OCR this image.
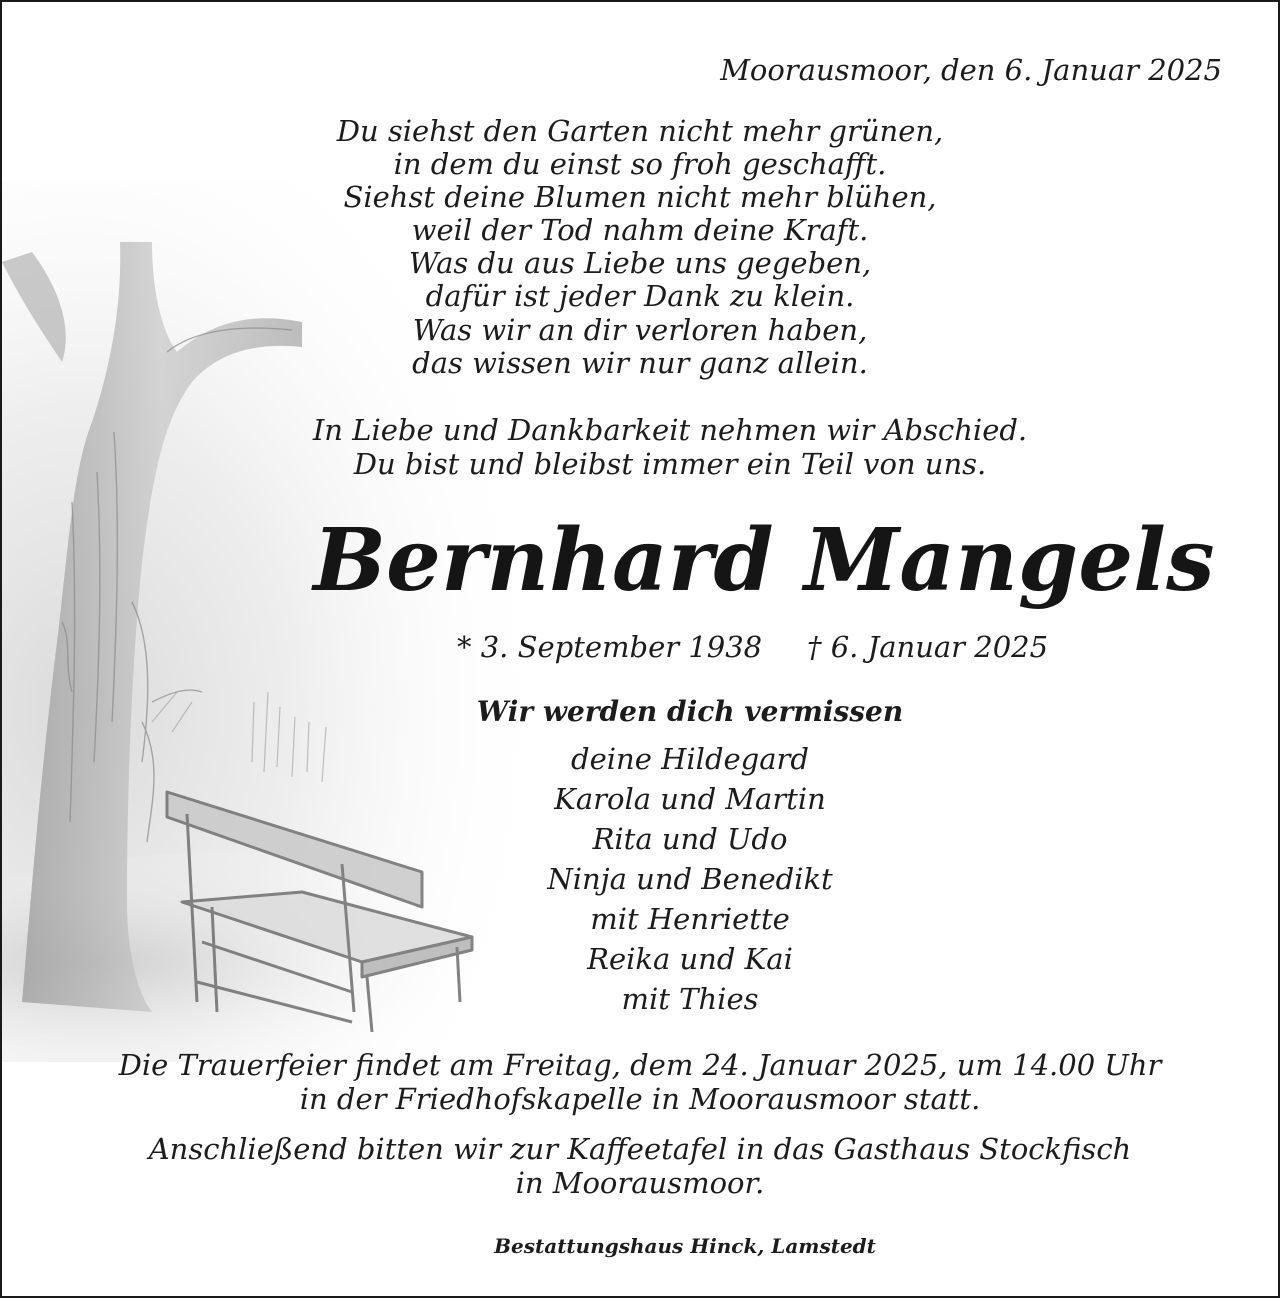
Moorausmoor, den 6. Januar 2025

Du siehst den Garten nicht mehr grünen,
in dem du einst so froh geschafft.
Siehst deine Blumen nicht mehr blühen,
weil der Tod nahm deine Kraft.
Was du aus Liebe uns gegeben,
dafür ist jeder Dank zu klein.
Was wir an dir verloren haben,
das wissen wir nur ganz allein.

In Liebe und Dankbarkeit nehmen wir Abschied.
Du bist und bleibst immer ein Teil von uns.

Bernhard Mangels
* 3. September 1938 † 6. Januar 2025

Wir werden dich vermissen

deine Hildegard
Karola und Martin
Rita und Udo
Ninja und Benedikt
mit Henriette
Reika und Kai
mit Thies

Die Trauerfeier findet am Freitag, dem 24. Januar 2025, um 14.00 Uhr
in der Friedhofskapelle in Moorausmoor statt.

Anschließend bitten wir zur Kaffeetafel in das Gasthaus Stockfisch
in Moorausmoor.

Bestattungshaus Hinck, Lamstedt
